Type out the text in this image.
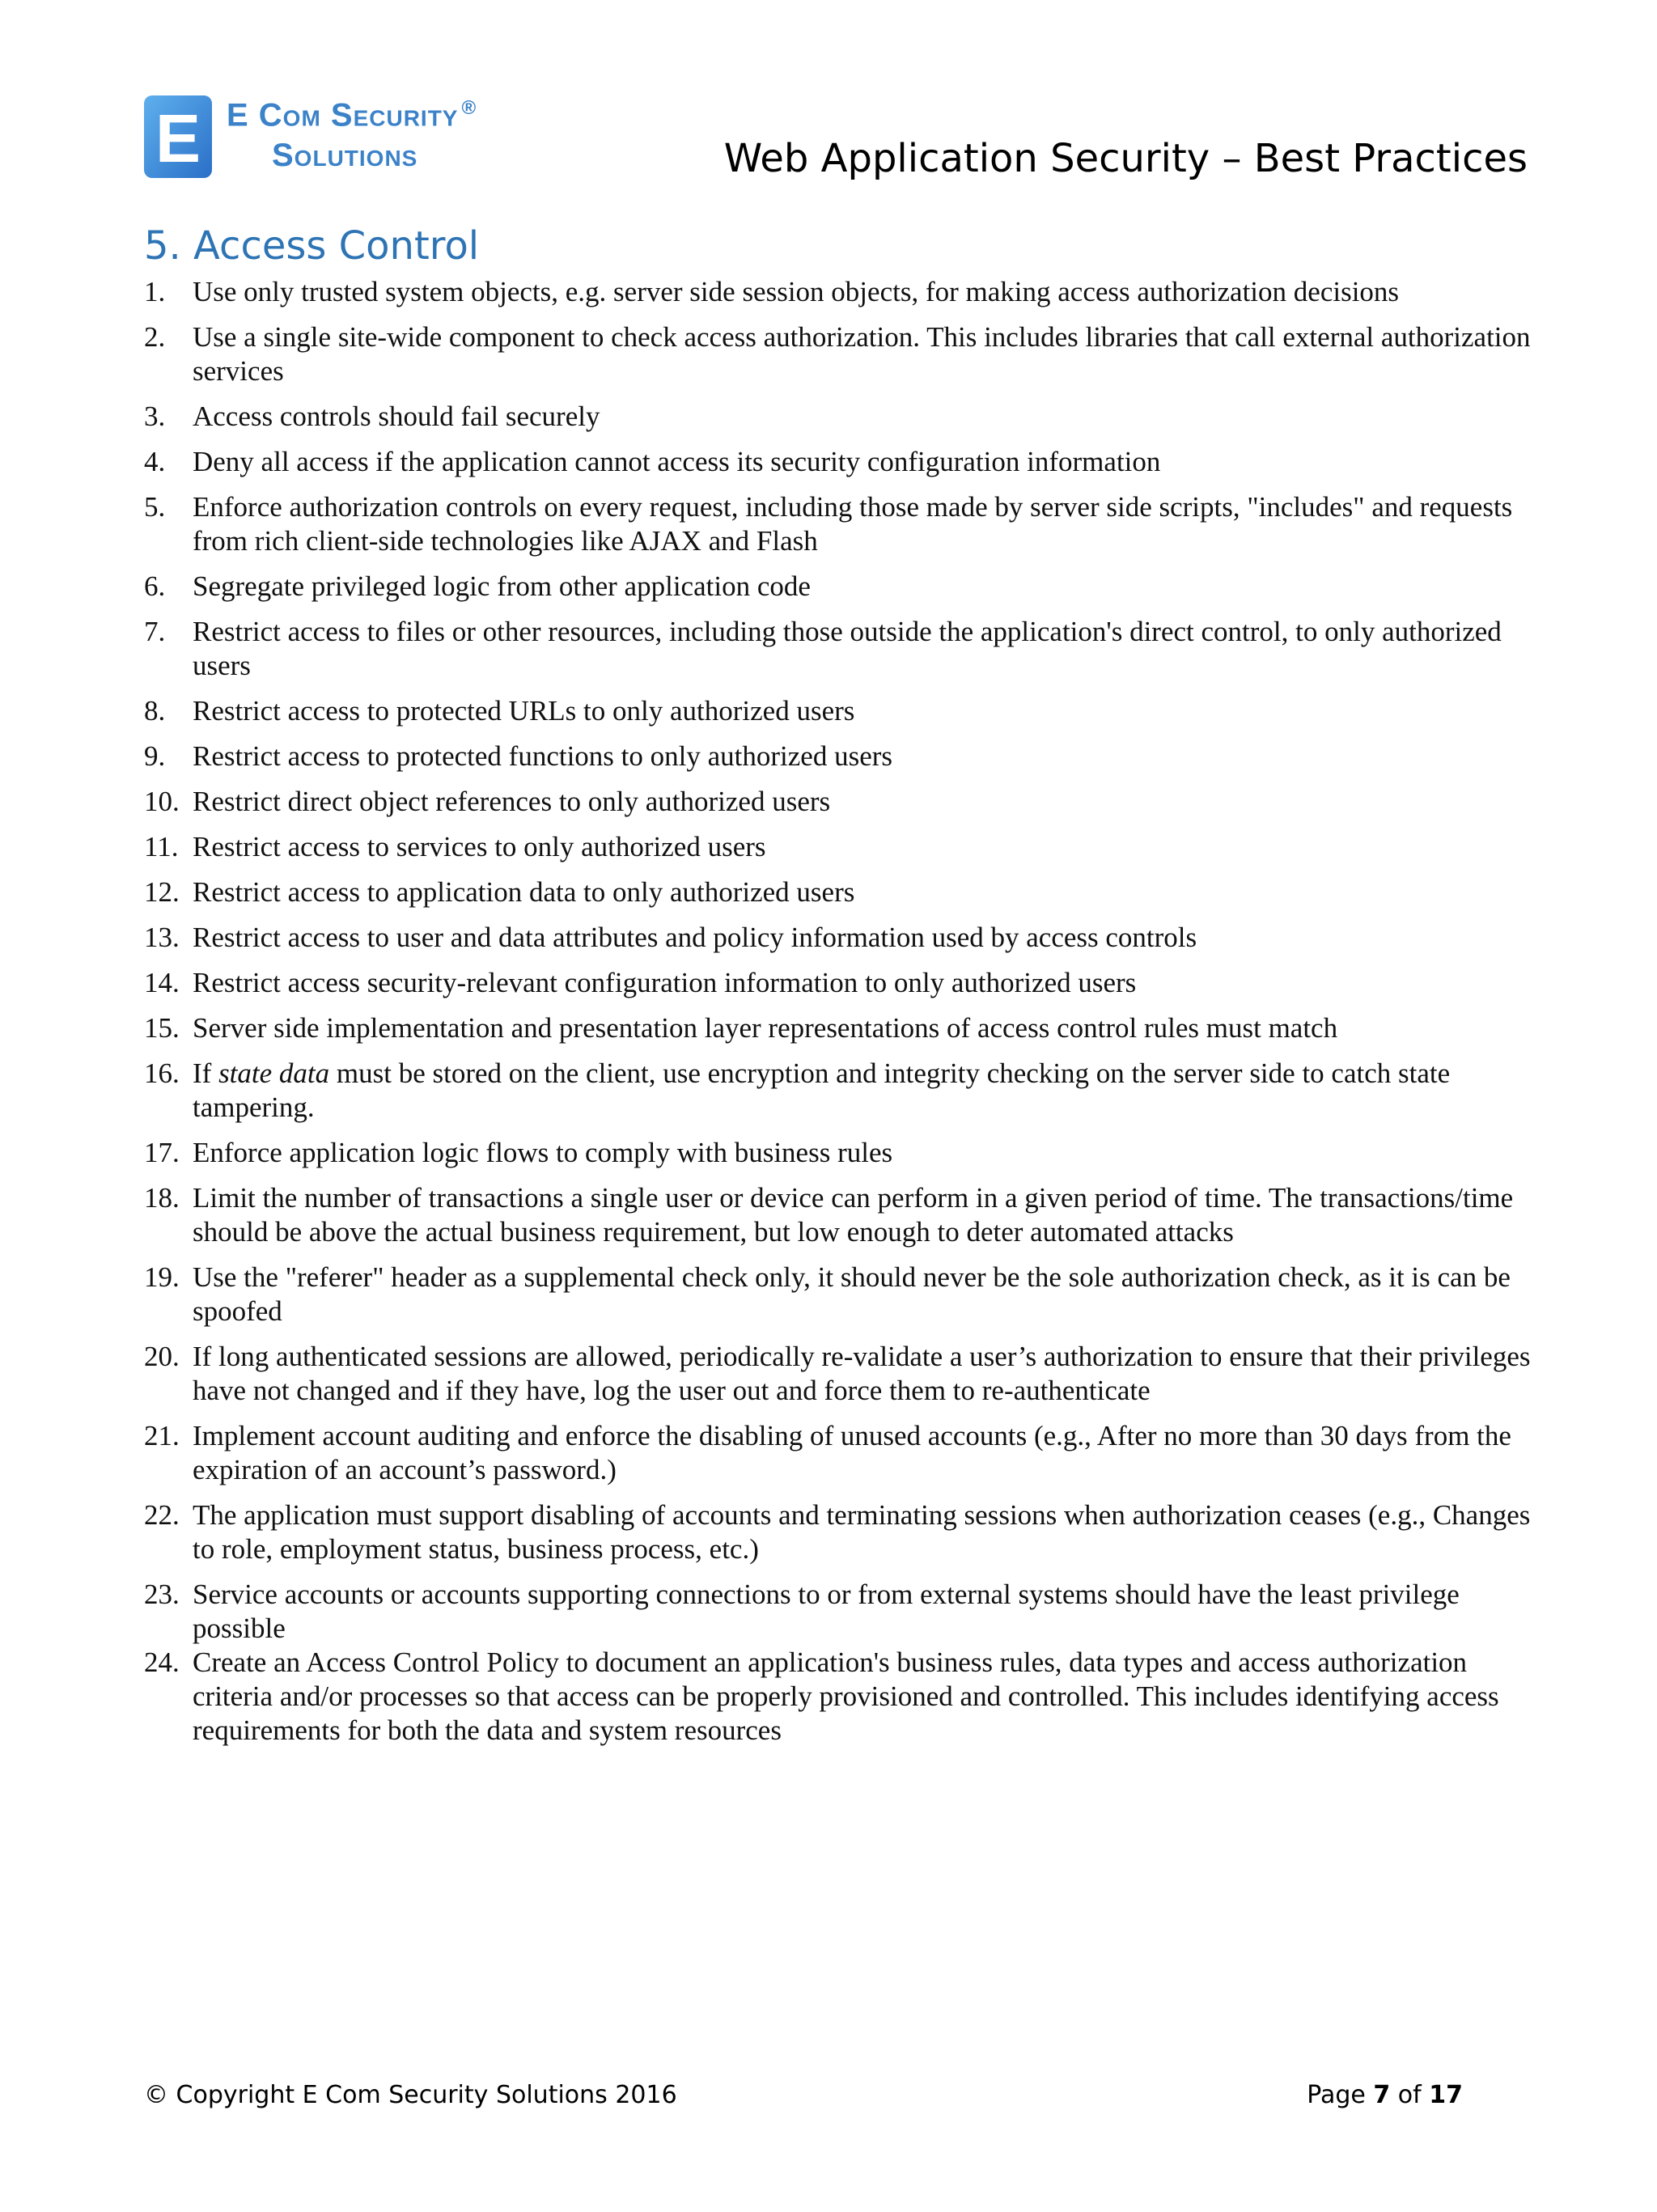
E E Com Security ®
Solutions	Web Application Security – Best Practices
5. Access Control
1. Use only trusted system objects, e.g. server side session objects, for making access authorization decisions
2. Use a single site-wide component to check access authorization. This includes libraries that call external authorization services
3. Access controls should fail securely
4. Deny all access if the application cannot access its security configuration information
5. Enforce authorization controls on every request, including those made by server side scripts, "includes" and requests from rich client-side technologies like AJAX and Flash
6. Segregate privileged logic from other application code
7. Restrict access to files or other resources, including those outside the application's direct control, to only authorized users
8. Restrict access to protected URLs to only authorized users
9. Restrict access to protected functions to only authorized users
10. Restrict direct object references to only authorized users
11. Restrict access to services to only authorized users
12. Restrict access to application data to only authorized users
13. Restrict access to user and data attributes and policy information used by access controls
14. Restrict access security-relevant configuration information to only authorized users
15. Server side implementation and presentation layer representations of access control rules must match
16. If state data must be stored on the client, use encryption and integrity checking on the server side to catch state tampering.
17. Enforce application logic flows to comply with business rules
18. Limit the number of transactions a single user or device can perform in a given period of time. The transactions/time should be above the actual business requirement, but low enough to deter automated attacks
19. Use the "referer" header as a supplemental check only, it should never be the sole authorization check, as it is can be spoofed
20. If long authenticated sessions are allowed, periodically re-validate a user’s authorization to ensure that their privileges have not changed and if they have, log the user out and force them to re-authenticate
21. Implement account auditing and enforce the disabling of unused accounts (e.g., After no more than 30 days from the expiration of an account’s password.)
22. The application must support disabling of accounts and terminating sessions when authorization ceases (e.g., Changes to role, employment status, business process, etc.)
23. Service accounts or accounts supporting connections to or from external systems should have the least privilege possible
24. Create an Access Control Policy to document an application's business rules, data types and access authorization criteria and/or processes so that access can be properly provisioned and controlled. This includes identifying access requirements for both the data and system resources
© Copyright E Com Security Solutions 2016	Page 7 of 17
